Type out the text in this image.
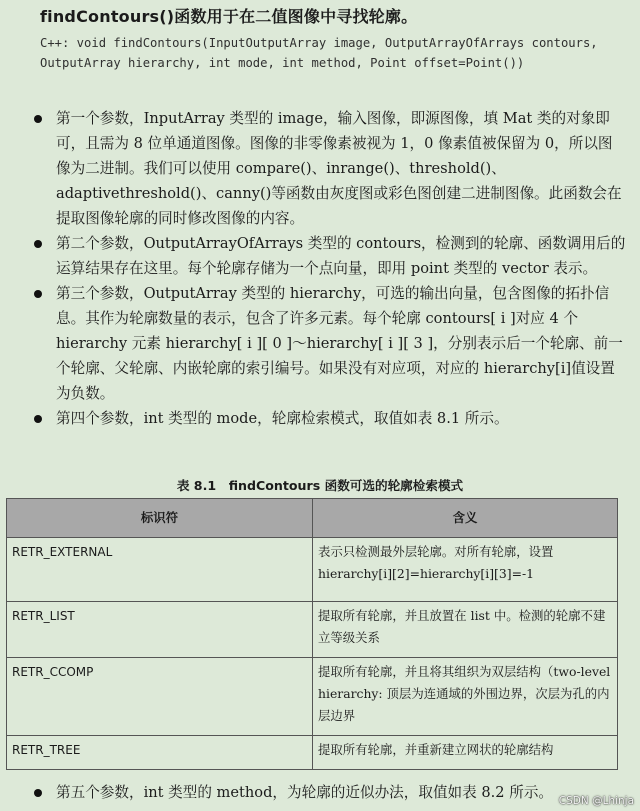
findContours()函数用于在二值图像中寻找轮廓。
C++: void findContours(InputOutputArray image, OutputArrayOfArrays contours, OutputArray hierarchy, int mode, int method, Point offset=Point())
第一个参数，InputArray 类型的 image，输入图像，即源图像，填 Mat 类的对象即可，且需为 8 位单通道图像。图像的非零像素被视为 1，0 像素值被保留为 0，所以图像为二进制。我们可以使用 compare()、inrange()、threshold()、adaptivethreshold()、canny()等函数由灰度图或彩色图创建二进制图像。此函数会在提取图像轮廓的同时修改图像的内容。
第二个参数，OutputArrayOfArrays 类型的 contours，检测到的轮廓、函数调用后的运算结果存在这里。每个轮廓存储为一个点向量，即用 point 类型的 vector 表示。
第三个参数，OutputArray 类型的 hierarchy，可选的输出向量，包含图像的拓扑信息。其作为轮廓数量的表示，包含了许多元素。每个轮廓 contours[ i ]对应 4 个 hierarchy 元素 hierarchy[ i ][ 0 ]～hierarchy[ i ][ 3 ]，分别表示后一个轮廓、前一个轮廓、父轮廓、内嵌轮廓的索引编号。如果没有对应项，对应的 hierarchy[i]值设置为负数。
第四个参数，int 类型的 mode，轮廓检索模式，取值如表 8.1 所示。
表 8.1　findContours 函数可选的轮廓检索模式
标识符	含义
RETR_EXTERNAL	表示只检测最外层轮廓。对所有轮廓，设置 hierarchy[i][2]=hierarchy[i][3]=-1
RETR_LIST	提取所有轮廓，并且放置在 list 中。检测的轮廓不建立等级关系
RETR_CCOMP	提取所有轮廓，并且将其组织为双层结构（two-level hierarchy: 顶层为连通域的外围边界，次层为孔的内层边界
RETR_TREE	提取所有轮廓，并重新建立网状的轮廓结构
第五个参数，int 类型的 method，为轮廓的近似办法，取值如表 8.2 所示。 CSDN @Lhinja
